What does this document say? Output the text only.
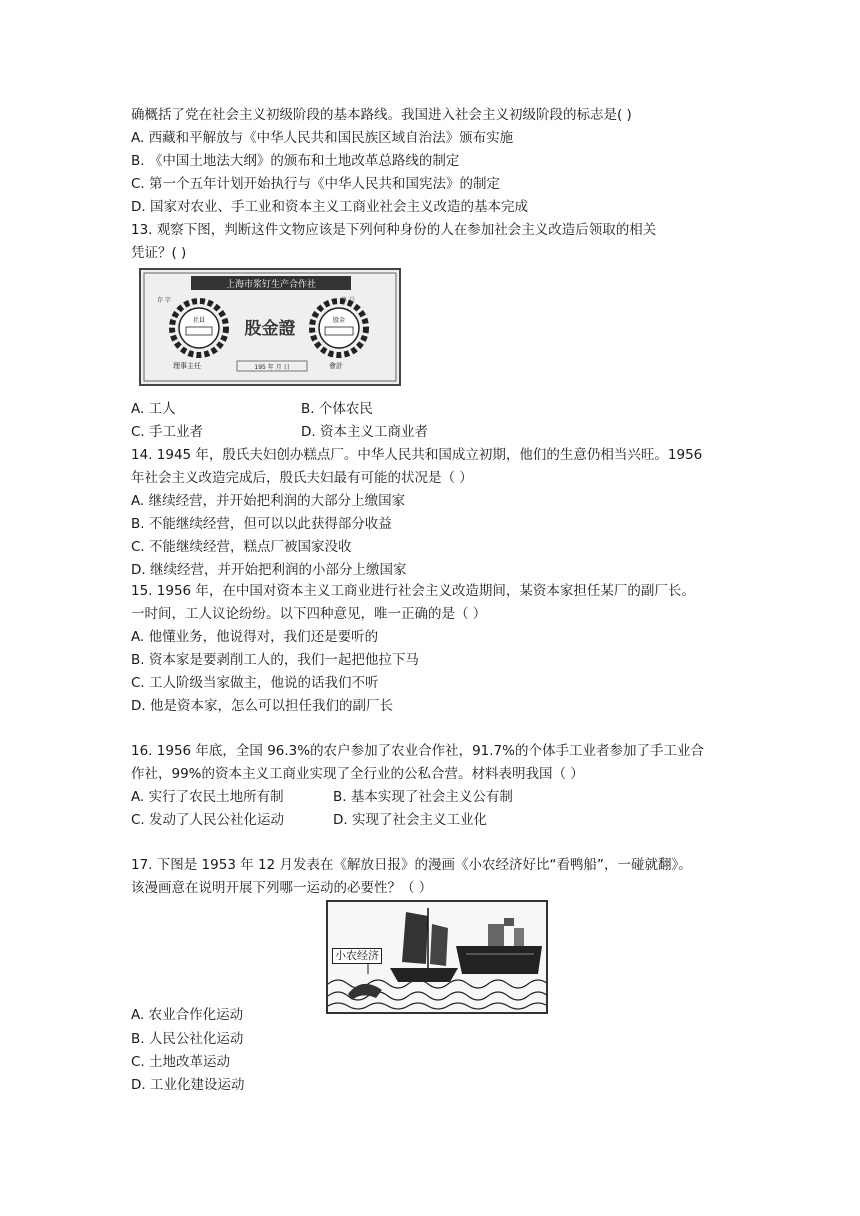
确概括了党在社会主义初级阶段的基本路线。我国进入社会主义初级阶段的标志是( )
A. 西藏和平解放与《中华人民共和国民族区域自治法》颁布实施
B. 《中国土地法大纲》的颁布和土地改革总路线的制定
C. 第一个五年计划开始执行与《中华人民共和国宪法》的制定
D. 国家对农业、手工业和资本主义工商业社会主义改造的基本完成
13. 观察下图，判断这件文物应该是下列何种身份的人在参加社会主义改造后领取的相关
凭证？( )
上海市浆钉生产合作社
存 字	第 号
社員	股金
股金證
理事主任	195 年 月 日	會計
A. 工人	B. 个体农民
C. 手工业者	D. 资本主义工商业者
14. 1945 年，殷氏夫妇创办糕点厂。中华人民共和国成立初期，他们的生意仍相当兴旺。1956
年社会主义改造完成后，殷氏夫妇最有可能的状况是（ ）
A. 继续经营，并开始把利润的大部分上缴国家
B. 不能继续经营，但可以以此获得部分收益
C. 不能继续经营，糕点厂被国家没收
D. 继续经营，并开始把利润的小部分上缴国家
15. 1956 年，在中国对资本主义工商业进行社会主义改造期间，某资本家担任某厂的副厂长。
一时间，工人议论纷纷。以下四种意见，唯一正确的是（ ）
A. 他懂业务，他说得对，我们还是要听的
B. 资本家是要剥削工人的，我们一起把他拉下马
C. 工人阶级当家做主，他说的话我们不听
D. 他是资本家，怎么可以担任我们的副厂长
16. 1956 年底，全国 96.3%的农户参加了农业合作社，91.7%的个体手工业者参加了手工业合
作社，99%的资本主义工商业实现了全行业的公私合营。材料表明我国（ ）
A. 实行了农民土地所有制	B. 基本实现了社会主义公有制
C. 发动了人民公社化运动	D. 实现了社会主义工业化
17. 下图是 1953 年 12 月发表在《解放日报》的漫画《小农经济好比“看鸭船”，一碰就翻》。
该漫画意在说明开展下列哪一运动的必要性？（ ）
小农经济
A. 农业合作化运动
B. 人民公社化运动
C. 土地改革运动
D. 工业化建设运动
